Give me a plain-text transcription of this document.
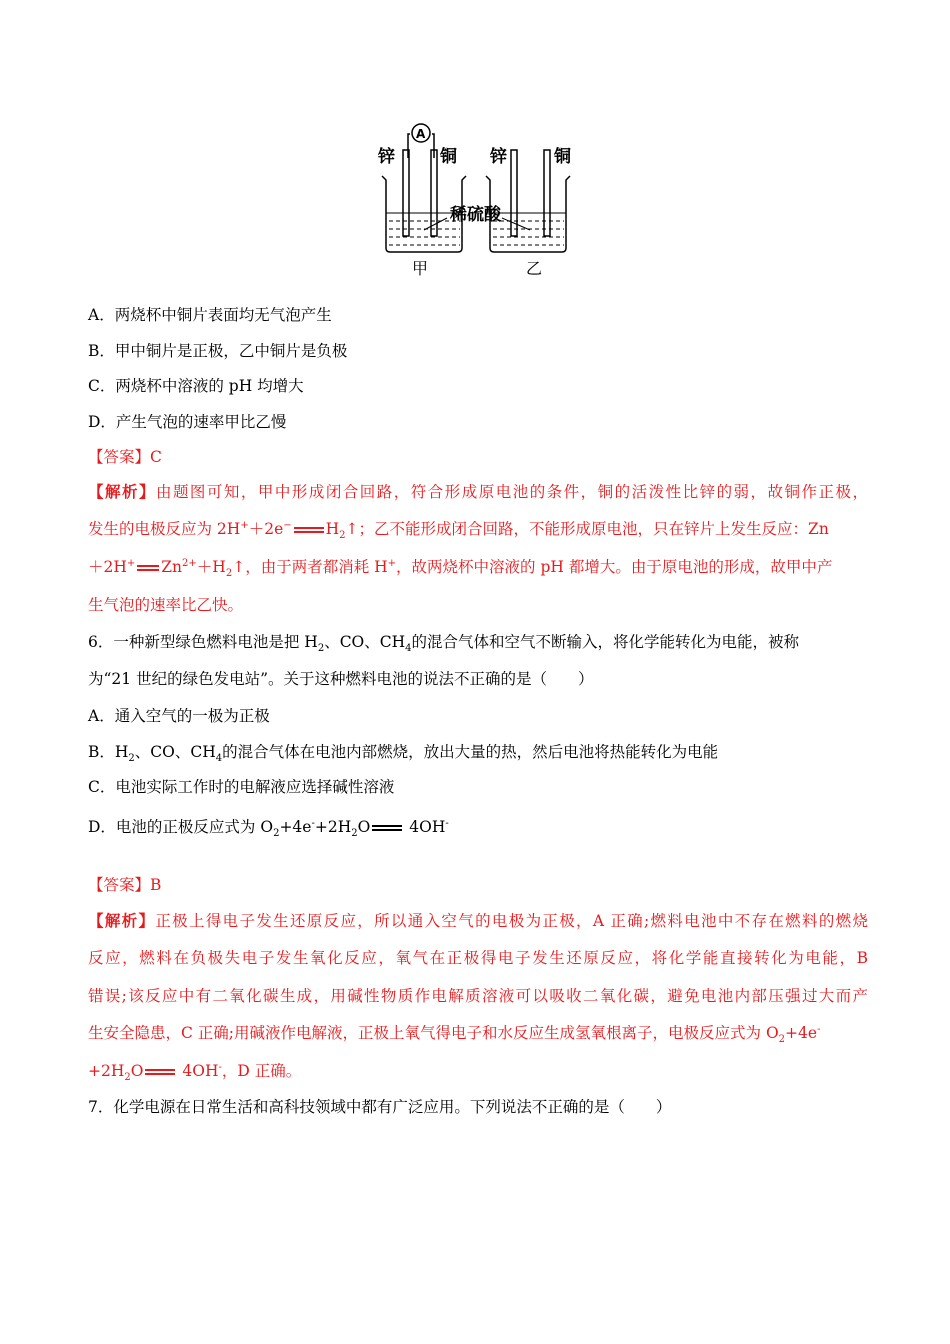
A
锌	铜 锌	铜
稀硫酸
甲	乙
A．两烧杯中铜片表面均无气泡产生
B．甲中铜片是正极，乙中铜片是负极
C．两烧杯中溶液的 pH 均增大
D．产生气泡的速率甲比乙慢
【答案】C
【解析】由题图可知，甲中形成闭合回路，符合形成原电池的条件，铜的活泼性比锌的弱，故铜作正极，
发生的电极反应为 2H+＋2e− $H_2↑$；乙不能形成闭合回路，不能形成原电池，只在锌片上发生反应：Zn
＋2H+ $Zn^{2+}+H_2↑$，由于两者都消耗 H+，故两烧杯中溶液的 pH 都增大。由于原电池的形成，故甲中产
生气泡的速率比乙快。
6．一种新型绿色燃料电池是把 $H_2$、CO、$CH_4$的混合气体和空气不断输入，将化学能转化为电能，被称
为“21 世纪的绿色发电站”。关于这种燃料电池的说法不正确的是（　　）
A．通入空气的一极为正极
B．$H_2$、CO、$CH_4$的混合气体在电池内部燃烧，放出大量的热，然后电池将热能转化为电能
C．电池实际工作时的电解液应选择碱性溶液
D．电池的正极反应式为 $O_2+4e^-+2H_2O$	4OH-
【答案】B
【解析】正极上得电子发生还原反应，所以通入空气的电极为正极，A 正确;燃料电池中不存在燃料的燃烧
反应，燃料在负极失电子发生氧化反应，氧气在正极得电子发生还原反应，将化学能直接转化为电能，B
错误;该反应中有二氧化碳生成，用碱性物质作电解质溶液可以吸收二氧化碳，避免电池内部压强过大而产
生安全隐患，C 正确;用碱液作电解液，正极上氧气得电子和水反应生成氢氧根离子，电极反应式为 $O_2+4e^-$
$+2H_2O$	4OH-，D 正确。
7．化学电源在日常生活和高科技领域中都有广泛应用。下列说法不正确的是（　　）
